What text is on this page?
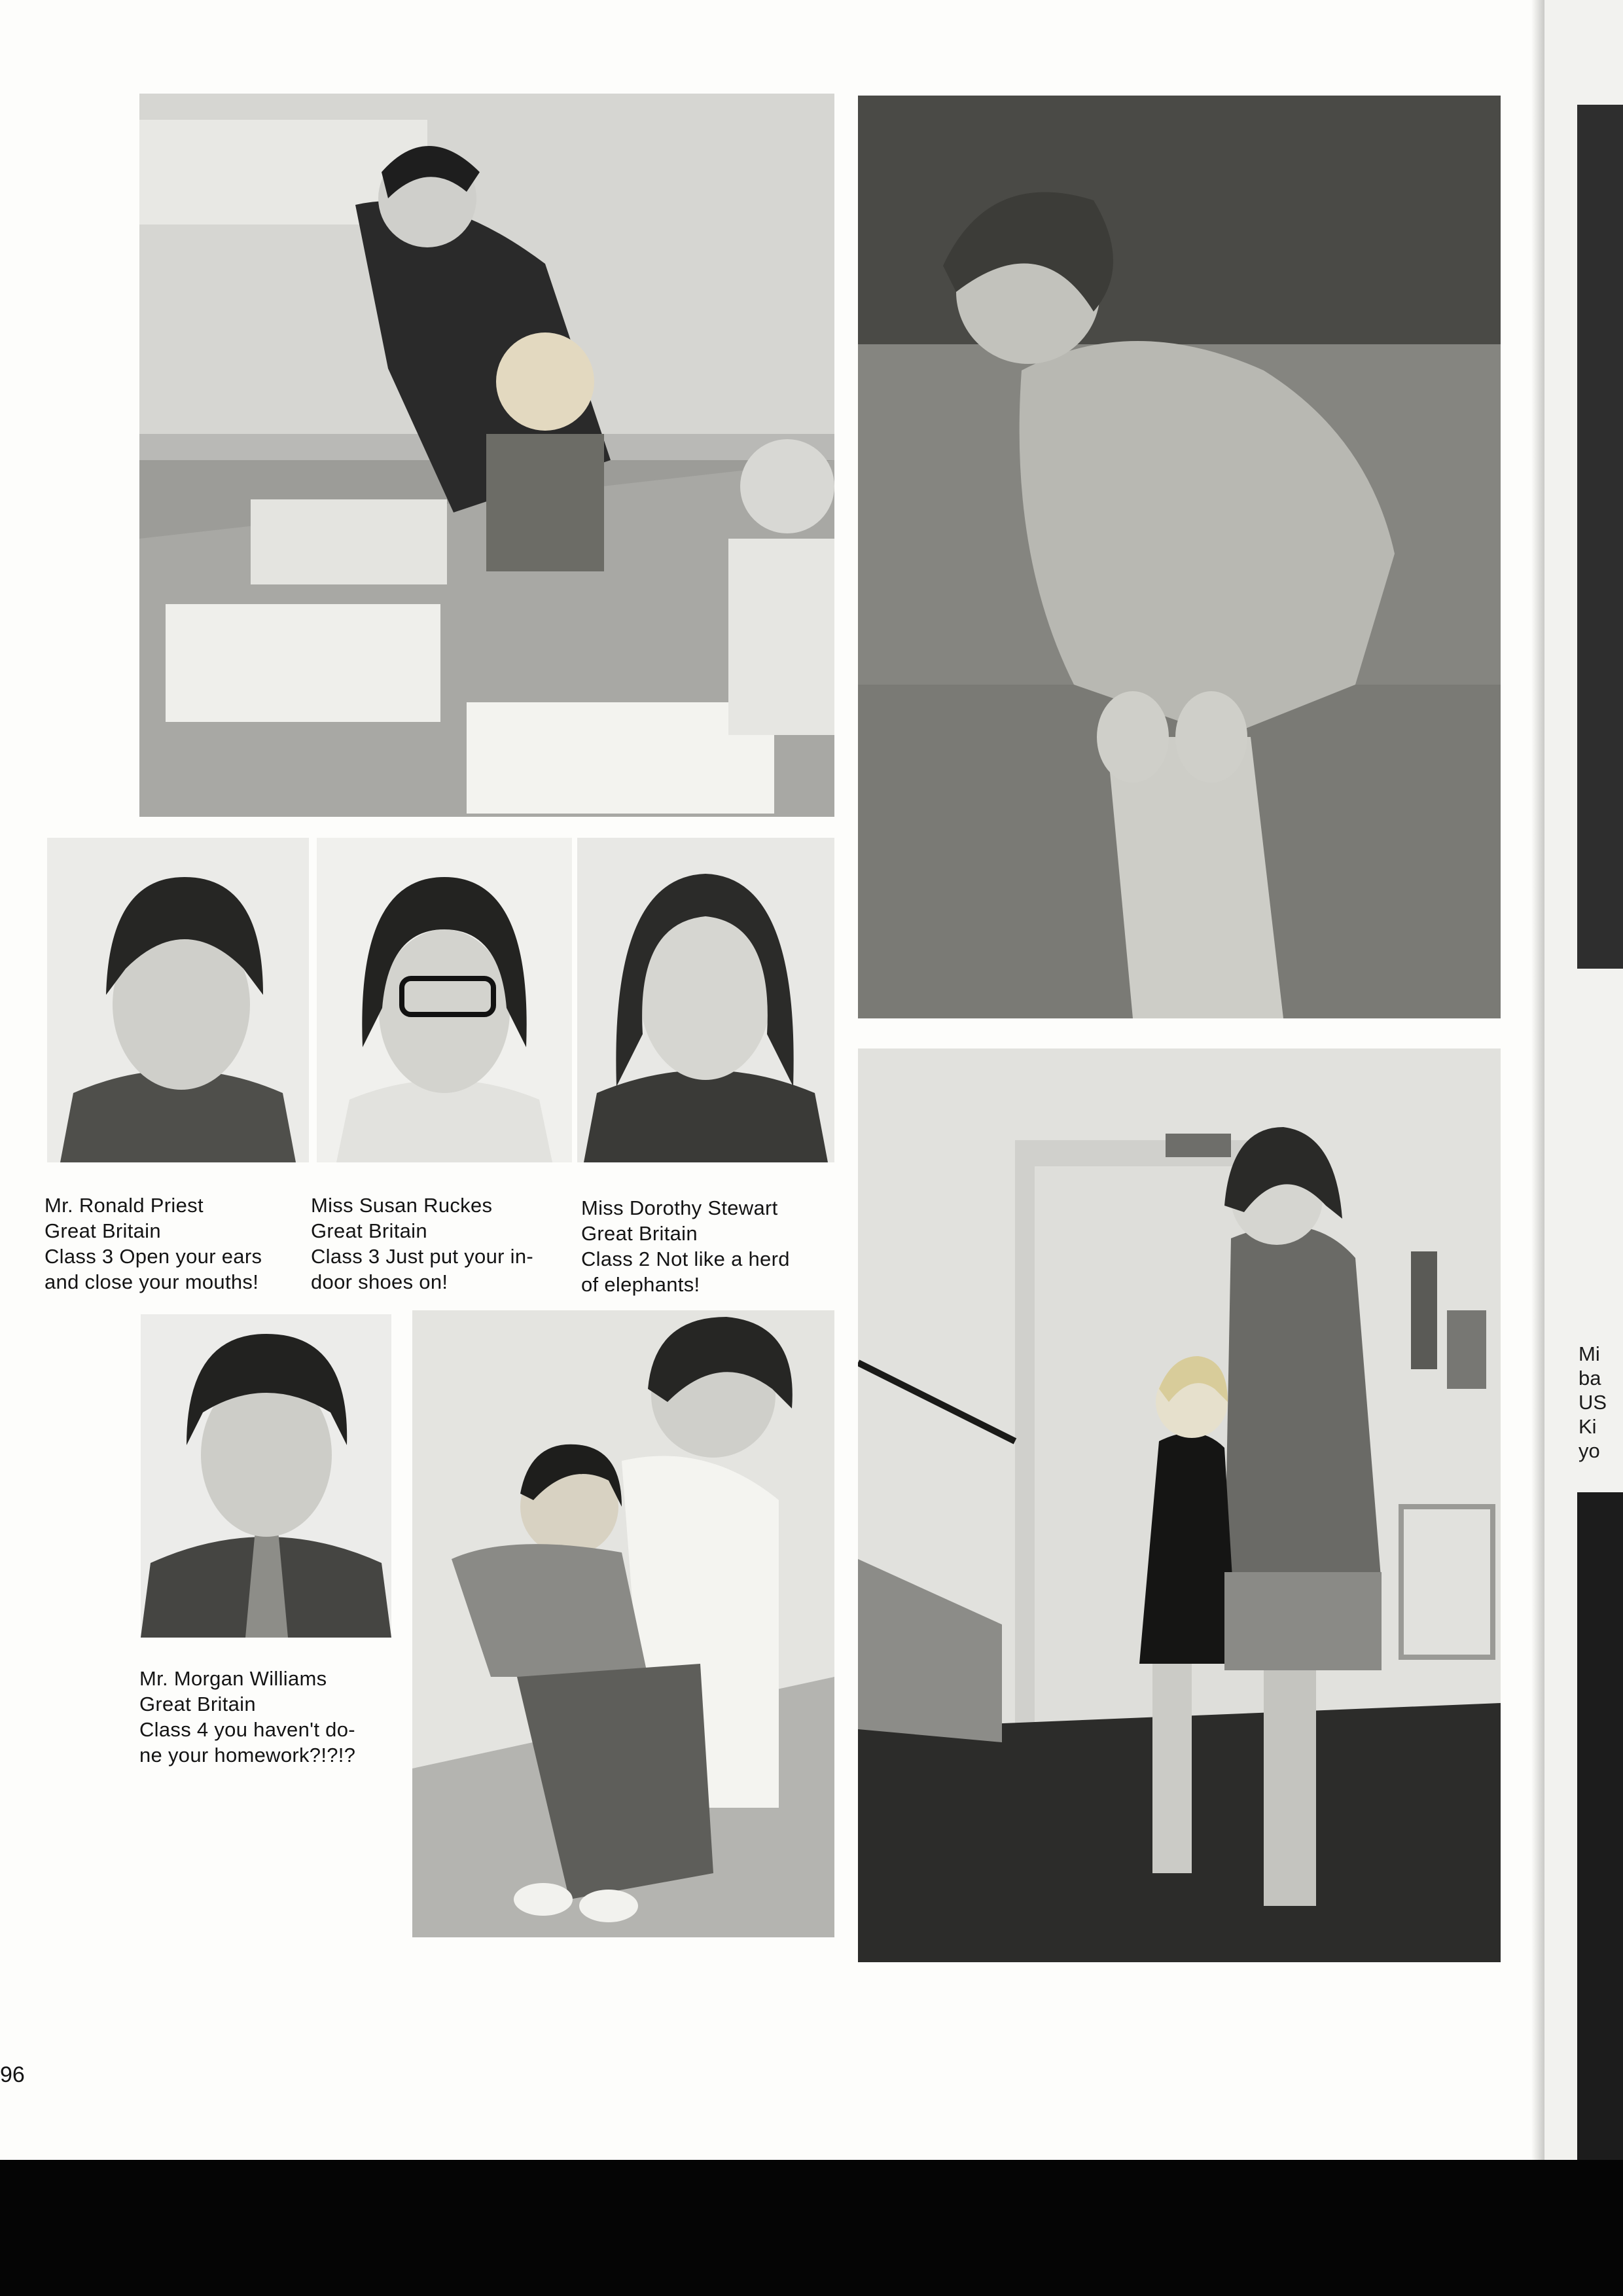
Mr. Ronald Priest
Great Britain
Class 3 Open your ears
and close your mouths!
Miss Susan Ruckes
Great Britain
Class 3 Just put your in-
door shoes on!
Miss Dorothy Stewart
Great Britain
Class 2 Not like a herd
of elephants!
Mr. Morgan Williams
Great Britain
Class 4 you haven't do-
ne your homework?!?!?
96
Mi
ba
US
Ki
yo
